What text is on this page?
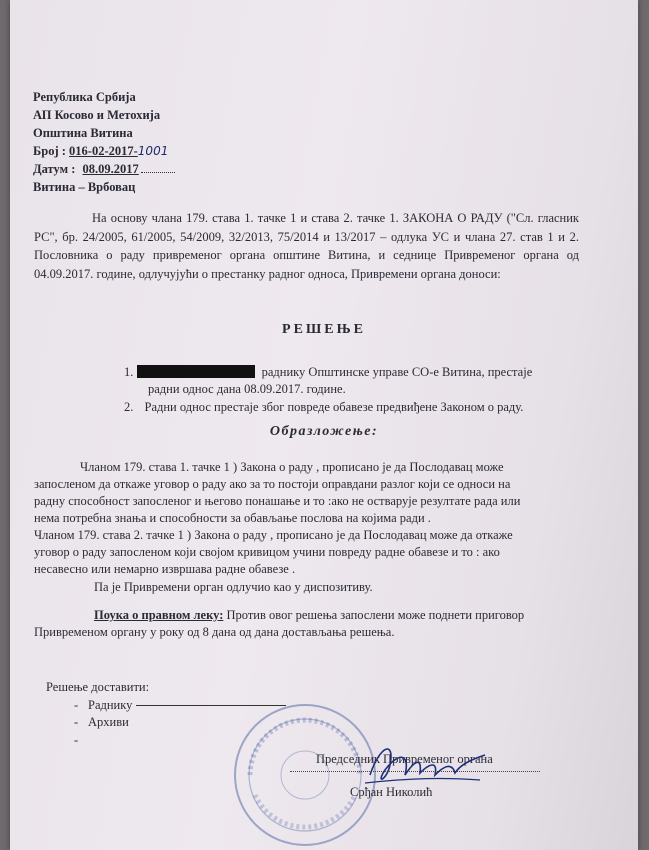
Република Србија
АП Косово и Метохија
Општина Витина
Број : 016-02-2017-1001
Датум : 08.09.2017
Витина – Врбовац
На основу члана 179. става 1. тачке 1 и става 2. тачке 1. ЗАКОНА О РАДУ ("Сл. гласник РС", бр. 24/2005, 61/2005, 54/2009, 32/2013, 75/2014 и 13/2017 – одлука УС и члана 27. став 1 и 2. Пословника о раду привременог органа општине Витина, и седнице Привременог органа од 04.09.2017. године, одлучујући о престанку радног односа, Привремени органа доноси:
РЕШЕЊЕ
1.	раднику Општинске управе СО-е Витина, престаје
радни однос дана 08.09.2017. године.
2. Радни однос престаје због повреде обавезе предвиђене Законом о раду.
Образложење:
Чланом 179. става 1. тачке 1 ) Закона о раду , прописано је да Послодавац може
запосленом да откаже уговор о раду ако за то постоји оправдани разлог који се односи на
радну способност запосленог и његово понашање и то :ако не остварује резултате рада или
нема потребна знања и способности за обављање послова на којима ради .
Чланом 179. става 2. тачке 1 ) Закона о раду , прописано је да Послодавац може да откаже
уговор о раду запосленом који својом кривицом учини повреду радне обавезе и то : ако
несавесно или немарно извршава радне обавезе .
Па је Привремени орган одлучио као у диспозитиву.
Поука о правном леку: Против овог решења запослени може поднети приговор
Привременом органу у року од 8 дана од дана достављања решења.
Решење доставити:
- Раднику
- Архиви
-
Председник Привременог органа
Срђан Николић
